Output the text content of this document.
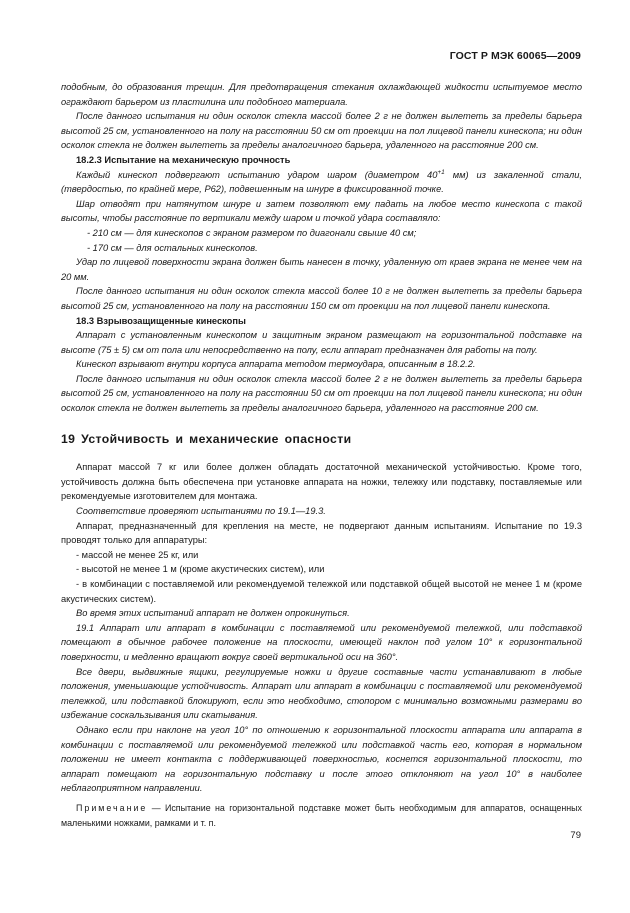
ГОСТ Р МЭК 60065—2009

подобным, до образования трещин. Для предотвращения стекания охлаждающей жидкости испытуемое место ограждают барьером из пластилина или подобного материала.

После данного испытания ни один осколок стекла массой более 2 г не должен вылететь за пределы барьера высотой 25 см, установленного на полу на расстоянии 50 см от проекции на пол лицевой панели кинескопа; ни один осколок стекла не должен вылететь за пределы аналогичного барьера, удаленного на расстояние 200 см.

18.2.3 Испытание на механическую прочность

Каждый кинескоп подвергают испытанию ударом шаром (диаметром $40^{+1}$ мм) из закаленной стали, (твердостью, по крайней мере, Р62), подвешенным на шнуре в фиксированной точке.

Шар отводят при натянутом шнуре и затем позволяют ему падать на любое место кинескопа с такой высоты, чтобы расстояние по вертикали между шаром и точкой удара составляло:

- 210 см — для кинескопов с экраном размером по диагонали свыше 40 см;

- 170 см — для остальных кинескопов.

Удар по лицевой поверхности экрана должен быть нанесен в точку, удаленную от краев экрана не менее чем на 20 мм.

После данного испытания ни один осколок стекла массой более 10 г не должен вылететь за пределы барьера высотой 25 см, установленного на полу на расстоянии 150 см от проекции на пол лицевой панели кинескопа.

18.3 Взрывозащищенные кинескопы

Аппарат с установленным кинескопом и защитным экраном размещают на горизонтальной подставке на высоте (75 ± 5) см от пола или непосредственно на полу, если аппарат предназначен для работы на полу.

Кинескоп взрывают внутри корпуса аппарата методом термоудара, описанным в 18.2.2.

После данного испытания ни один осколок стекла массой более 2 г не должен вылететь за пределы барьера высотой 25 см, установленного на полу на расстоянии 50 см от проекции на пол лицевой панели кинескопа; ни один осколок стекла не должен вылететь за пределы аналогичного барьера, удаленного на расстояние 200 см.

19 Устойчивость и механические опасности

Аппарат массой 7 кг или более должен обладать достаточной механической устойчивостью. Кроме того, устойчивость должна быть обеспечена при установке аппарата на ножки, тележку или подставку, поставляемые или рекомендуемые изготовителем для монтажа.

Соответствие проверяют испытаниями по 19.1—19.3.

Аппарат, предназначенный для крепления на месте, не подвергают данным испытаниям. Испытание по 19.3 проводят только для аппаратуры:

- массой не менее 25 кг, или

- высотой не менее 1 м (кроме акустических систем), или

- в комбинации с поставляемой или рекомендуемой тележкой или подставкой общей высотой не менее 1 м (кроме акустических систем).

Во время этих испытаний аппарат не должен опрокинуться.

19.1 Аппарат или аппарат в комбинации с поставляемой или рекомендуемой тележкой, или подставкой помещают в обычное рабочее положение на плоскости, имеющей наклон под углом 10° к горизонтальной поверхности, и медленно вращают вокруг своей вертикальной оси на 360°.

Все двери, выдвижные ящики, регулируемые ножки и другие составные части устанавливают в любые положения, уменьшающие устойчивость. Аппарат или аппарат в комбинации с поставляемой или рекомендуемой тележкой, или подставкой блокируют, если это необходимо, стопором с минимально возможными размерами во избежание соскальзывания или скатывания.

Однако если при наклоне на угол 10° по отношению к горизонтальной плоскости аппарата или аппарата в комбинации с поставляемой или рекомендуемой тележкой или подставкой часть его, которая в нормальном положении не имеет контакта с поддерживающей поверхностью, коснется горизонтальной плоскости, то аппарат помещают на горизонтальную подставку и после этого отклоняют на угол 10° в наиболее неблагоприятном направлении.

Примечание — Испытание на горизонтальной подставке может быть необходимым для аппаратов, оснащенных маленькими ножками, рамками и т. п.

79
